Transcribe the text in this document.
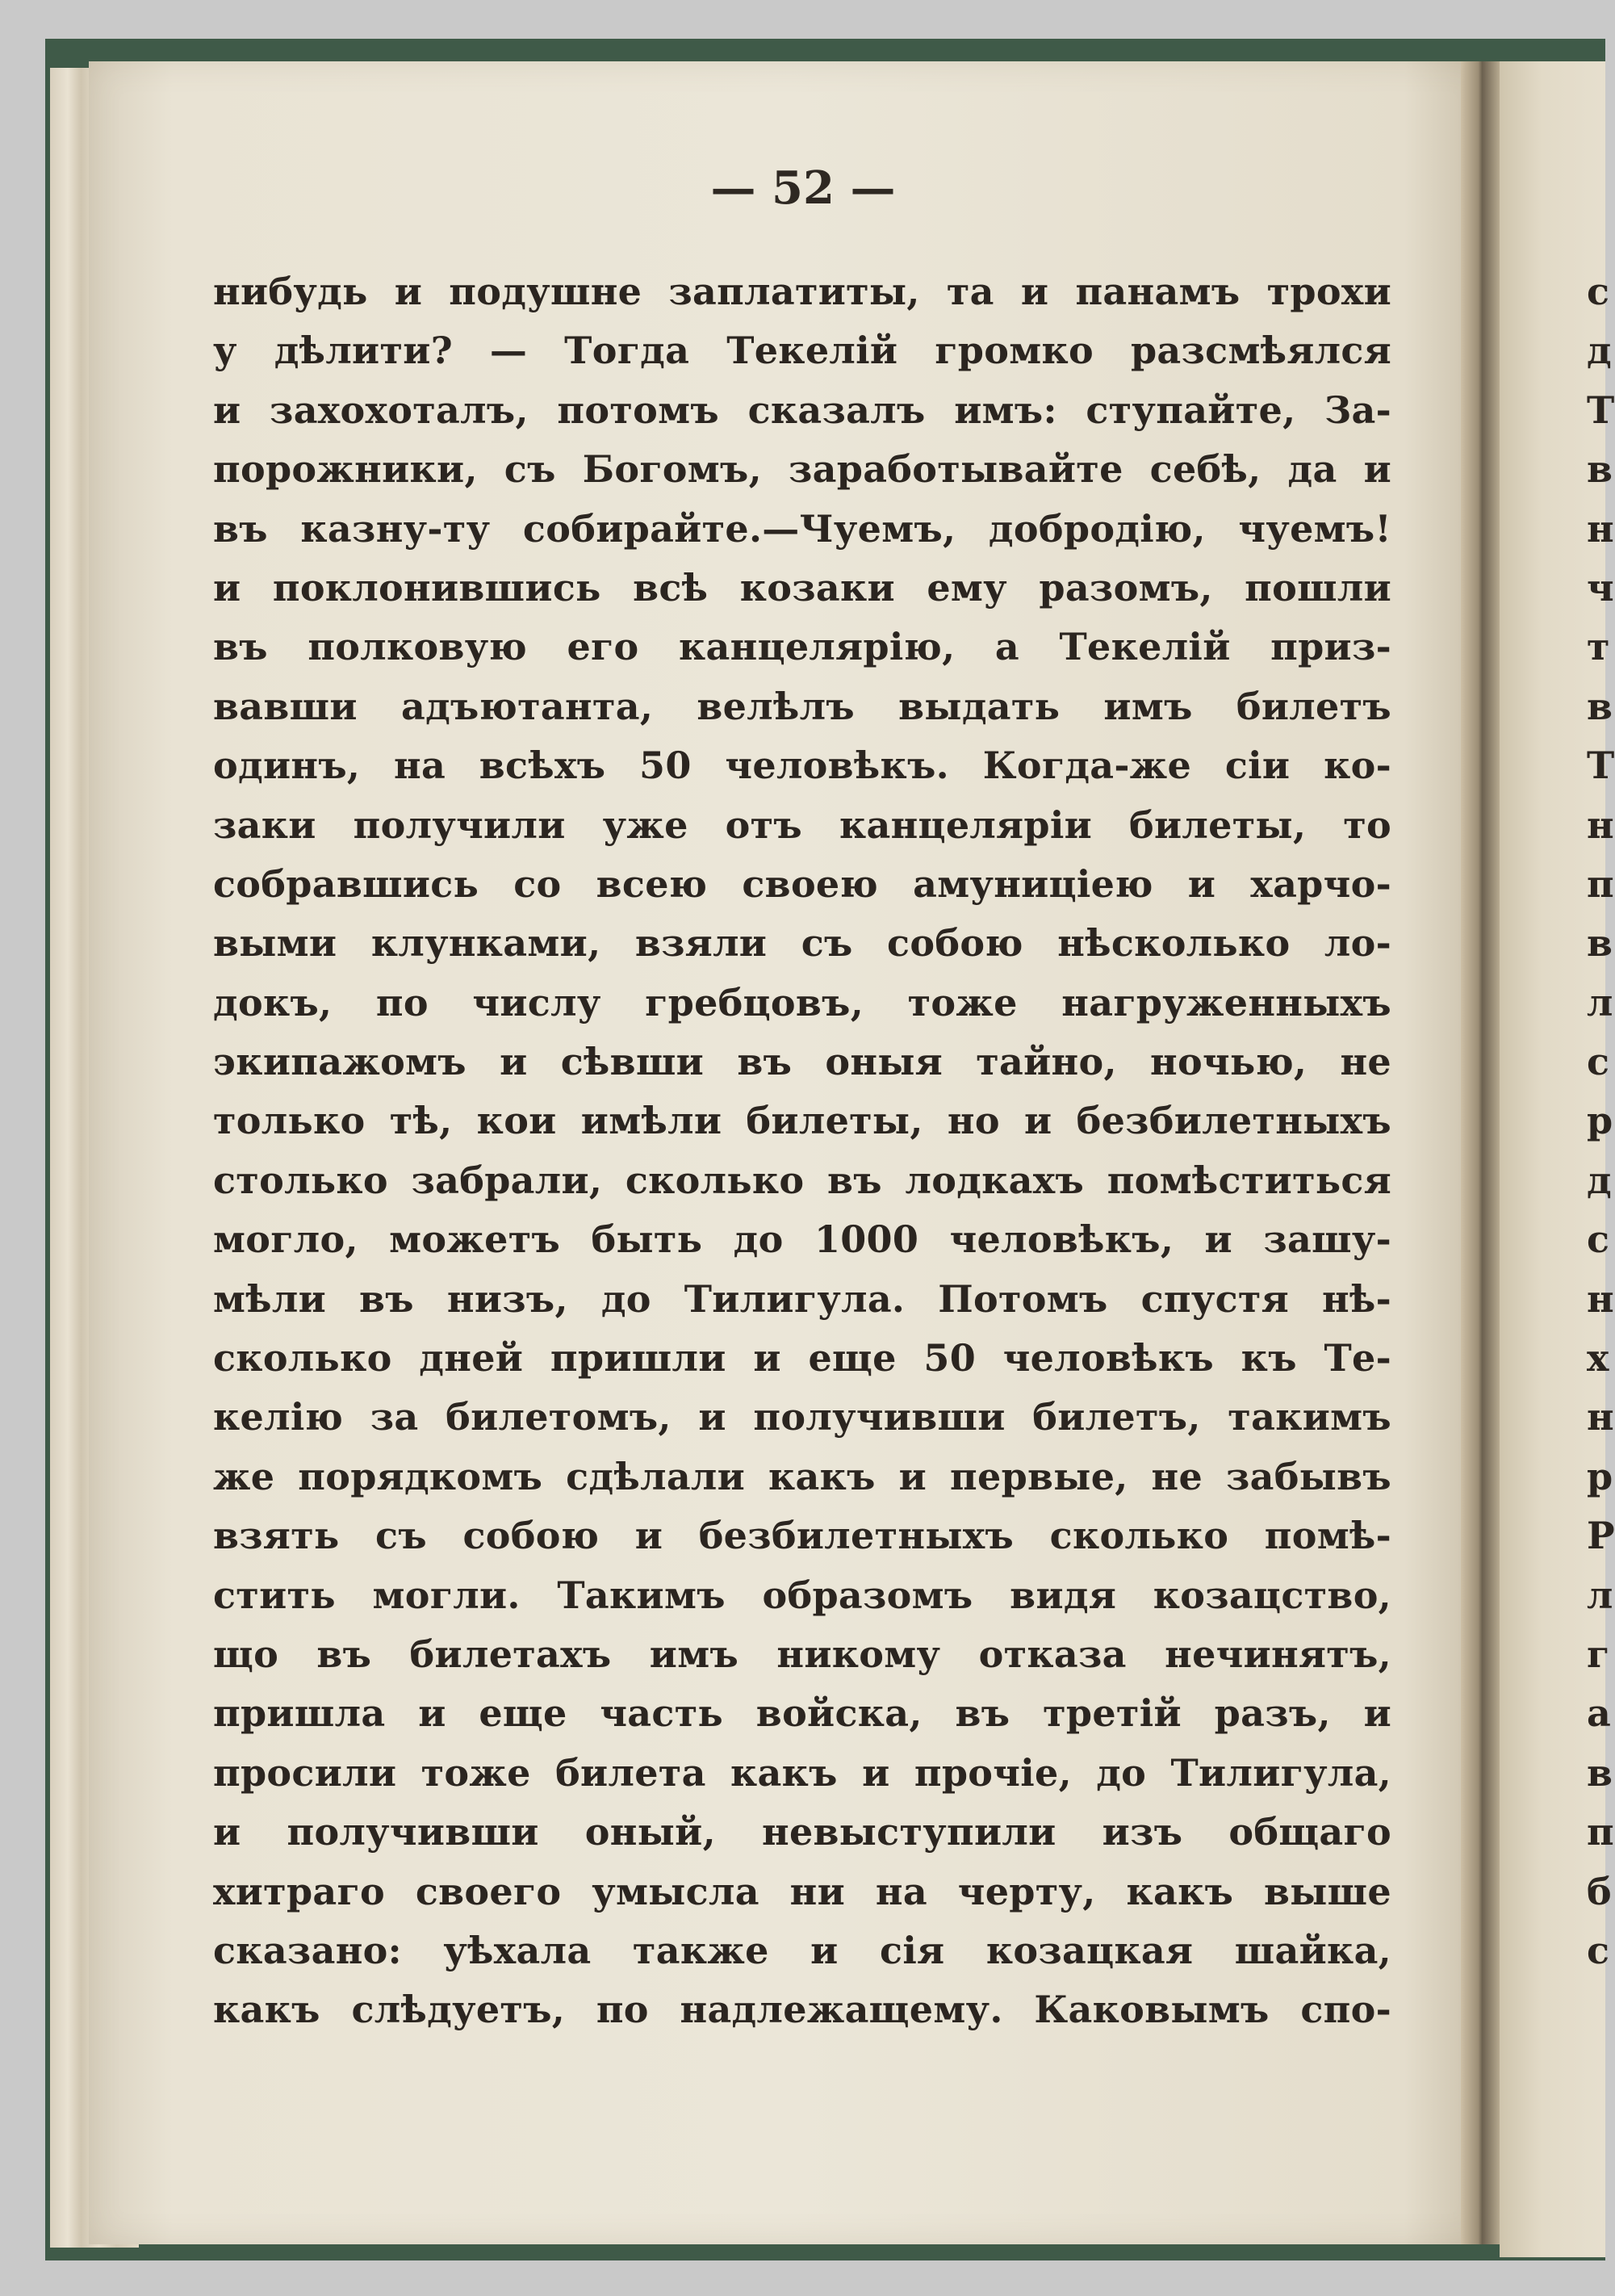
— 52 —
нибудь и подушне заплатиты, та и панамъ трохи
у дѣлити? — Тогда Текелій громко разсмѣялся
и захохоталъ, потомъ сказалъ имъ: ступайте, За-
порожники, съ Богомъ, заработывайте себѣ, да и
въ казну-ту собирайте.—Чуемъ, добродію, чуемъ!
и поклонившись всѣ козаки ему разомъ, пошли
въ полковую его канцелярію, а Текелій приз-
вавши адъютанта, велѣлъ выдать имъ билетъ
одинъ, на всѣхъ 50 человѣкъ. Когда-же сіи ко-
заки получили уже отъ канцеляріи билеты, то
собравшись со всею своею амуниціею и харчо-
выми клунками, взяли съ собою нѣсколько ло-
докъ, по числу гребцовъ, тоже нагруженныхъ
экипажомъ и сѣвши въ оныя тайно, ночью, не
только тѣ, кои имѣли билеты, но и безбилетныхъ
столько забрали, сколько въ лодкахъ помѣститься
могло, можетъ быть до 1000 человѣкъ, и зашу-
мѣли въ низъ, до Тилигула. Потомъ спустя нѣ-
сколько дней пришли и еще 50 человѣкъ къ Те-
келію за билетомъ, и получивши билетъ, такимъ
же порядкомъ сдѣлали какъ и первые, не забывъ
взять съ собою и безбилетныхъ сколько помѣ-
стить могли. Такимъ образомъ видя козацство,
що въ билетахъ имъ никому отказа нечинятъ,
пришла и еще часть войска, въ третій разъ, и
просили тоже билета какъ и прочіе, до Тилигула,
и получивши оный, невыступили изъ общаго
хитраго своего умысла ни на черту, какъ выше
сказано: уѣхала также и сія козацкая шайка,
какъ слѣдуетъ, по надлежащему. Каковымъ спо-
с
д
Т
в
н
ч
т
в
Т
н
п
в
л
с
р
д
с
н
х
н
р
Р
л
г
а
в
п
б
с
